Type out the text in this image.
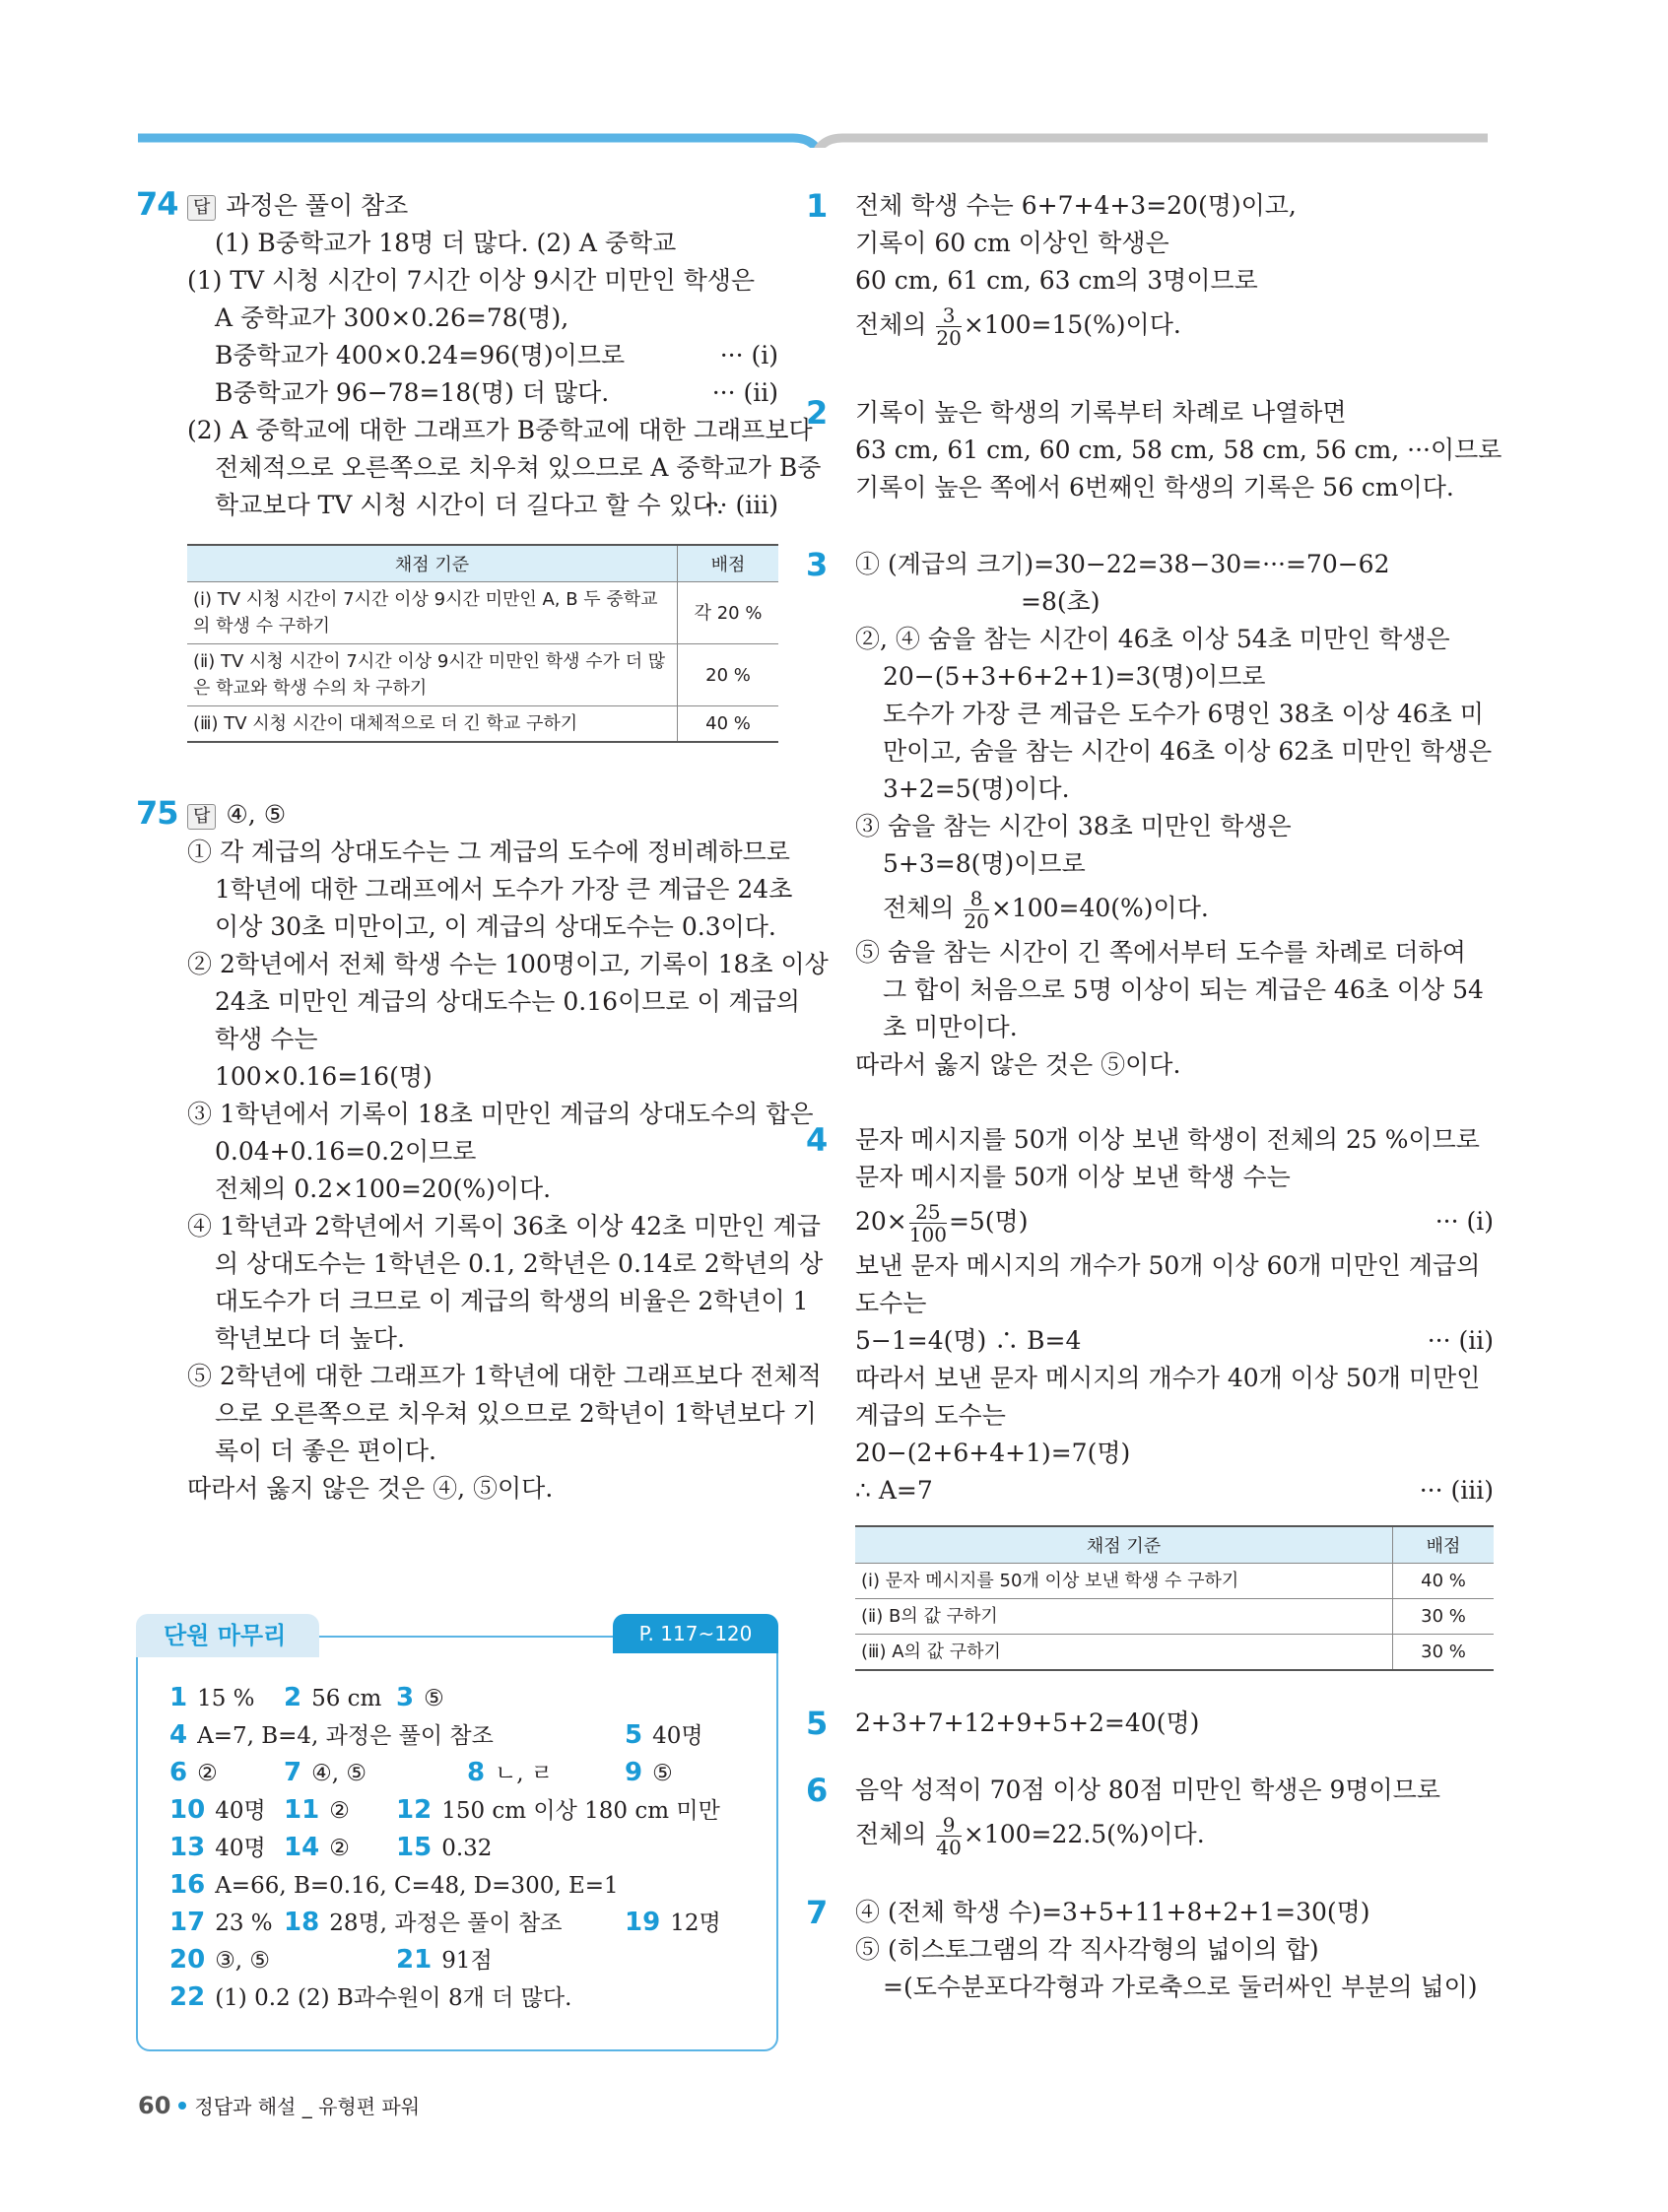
74 답 과정은 풀이 참조
(1) B중학교가 18명 더 많다. (2) A 중학교
(1) TV 시청 시간이 7시간 이상 9시간 미만인 학생은
A 중학교가 300×0.26=78(명),
B중학교가 400×0.24=96(명)이므로	··· (ⅰ)
B중학교가 96−78=18(명) 더 많다.	··· (ⅱ)
(2) A 중학교에 대한 그래프가 B중학교에 대한 그래프보다
전체적으로 오른쪽으로 치우쳐 있으므로 A 중학교가 B중
학교보다 TV 시청 시간이 더 길다고 할 수 있다.
··· (ⅲ)
채점 기준	배점
(ⅰ) TV 시청 시간이 7시간 이상 9시간 미만인 A, B 두 중학교의 학생 수 구하기	각 20 %
(ⅱ) TV 시청 시간이 7시간 이상 9시간 미만인 학생 수가 더 많은 학교와 학생 수의 차 구하기	20 %
(ⅲ) TV 시청 시간이 대체적으로 더 긴 학교 구하기	40 %
75 답 ④, ⑤
① 각 계급의 상대도수는 그 계급의 도수에 정비례하므로
1학년에 대한 그래프에서 도수가 가장 큰 계급은 24초
이상 30초 미만이고, 이 계급의 상대도수는 0.3이다.
② 2학년에서 전체 학생 수는 100명이고, 기록이 18초 이상
24초 미만인 계급의 상대도수는 0.16이므로 이 계급의
학생 수는
100×0.16=16(명)
③ 1학년에서 기록이 18초 미만인 계급의 상대도수의 합은
0.04+0.16=0.2이므로
전체의 0.2×100=20(%)이다.
④ 1학년과 2학년에서 기록이 36초 이상 42초 미만인 계급
의 상대도수는 1학년은 0.1, 2학년은 0.14로 2학년의 상
대도수가 더 크므로 이 계급의 학생의 비율은 2학년이 1
학년보다 더 높다.
⑤ 2학년에 대한 그래프가 1학년에 대한 그래프보다 전체적
으로 오른쪽으로 치우쳐 있으므로 2학년이 1학년보다 기
록이 더 좋은 편이다.
따라서 옳지 않은 것은 ④, ⑤이다.
단원 마무리	P. 117~120
1 15 % 2 56 cm 3 ⑤
4 A=7, B=4, 과정은 풀이 참조	5 40명
6 ②	7 ④, ⑤	8 ㄴ, ㄹ	9 ⑤
10 40명 11 ② 12 150 cm 이상 180 cm 미만
13 40명 14 ② 15 0.32
16 A=66, B=0.16, C=48, D=300, E=1
17 23 % 18 28명, 과정은 풀이 참조 19 12명
20 ③, ⑤	21 91점
22 (1) 0.2 (2) B과수원이 8개 더 많다.
1 전체 학생 수는 6+7+4+3=20(명)이고,
기록이 60 cm 이상인 학생은
60 cm, 61 cm, 63 cm의 3명이므로
전체의 $\frac{3}{20} \times 100=15(\%)$이다.
2 기록이 높은 학생의 기록부터 차례로 나열하면
63 cm, 61 cm, 60 cm, 58 cm, 58 cm, 56 cm, ···이므로
기록이 높은 쪽에서 6번째인 학생의 기록은 56 cm이다.
3 ① (계급의 크기)=30−22=38−30=···=70−62
=8(초)
②, ④ 숨을 참는 시간이 46초 이상 54초 미만인 학생은
20−(5+3+6+2+1)=3(명)이므로
도수가 가장 큰 계급은 도수가 6명인 38초 이상 46초 미
만이고, 숨을 참는 시간이 46초 이상 62초 미만인 학생은
3+2=5(명)이다.
③ 숨을 참는 시간이 38초 미만인 학생은
5+3=8(명)이므로
전체의 $\frac{8}{20} \times 100=40(\%)$이다.
⑤ 숨을 참는 시간이 긴 쪽에서부터 도수를 차례로 더하여
그 합이 처음으로 5명 이상이 되는 계급은 46초 이상 54
초 미만이다.
따라서 옳지 않은 것은 ⑤이다.
4 문자 메시지를 50개 이상 보낸 학생이 전체의 25 %이므로
문자 메시지를 50개 이상 보낸 학생 수는
$20\times \frac{25}{100} =5$(명)	··· (ⅰ)
보낸 문자 메시지의 개수가 50개 이상 60개 미만인 계급의
도수는
5−1=4(명) ∴ B=4	··· (ⅱ)
따라서 보낸 문자 메시지의 개수가 40개 이상 50개 미만인
계급의 도수는
20−(2+6+4+1)=7(명)
∴ A=7	··· (ⅲ)
채점 기준	배점
(ⅰ) 문자 메시지를 50개 이상 보낸 학생 수 구하기	40 %
(ⅱ) B의 값 구하기	30 %
(ⅲ) A의 값 구하기	30 %
5 2+3+7+12+9+5+2=40(명)
6 음악 성적이 70점 이상 80점 미만인 학생은 9명이므로
전체의 $\frac{9}{40} \times 100=22.5(\%)$이다.
7 ④ (전체 학생 수)=3+5+11+8+2+1=30(명)
⑤ (히스토그램의 각 직사각형의 넓이의 합)
=(도수분포다각형과 가로축으로 둘러싸인 부분의 넓이)
60 정답과 해설 _ 유형편 파워
